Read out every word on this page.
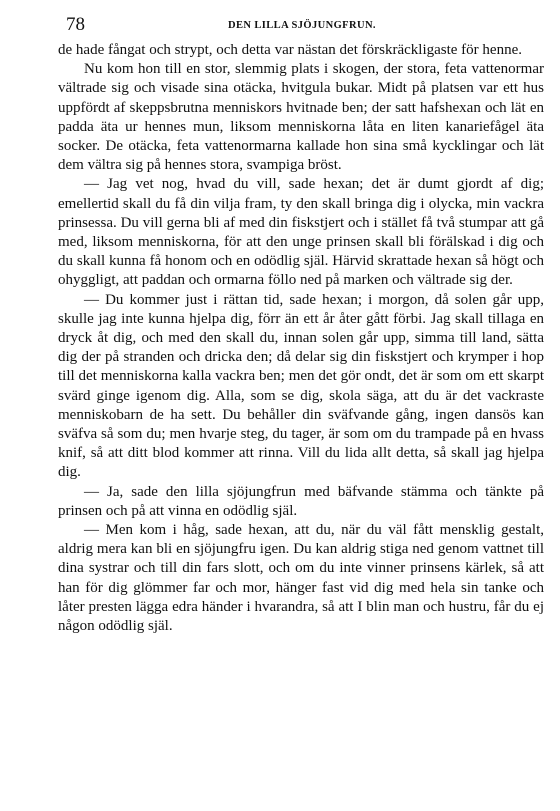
78	DEN LILLA SJÖJUNGFRUN.

de hade fångat och strypt, och detta var nästan det förskräckligaste för henne.

Nu kom hon till en stor, slemmig plats i skogen, der stora, feta vattenormar vältrade sig och visade sina otäcka, hvitgula bukar. Midt på platsen var ett hus uppfördt af skeppsbrutna menniskors hvitnade ben; der satt hafshexan och lät en padda äta ur hennes mun, liksom menniskorna låta en liten kanariefågel äta socker. De otäcka, feta vattenormarna kallade hon sina små kycklingar och lät dem vältra sig på hennes stora, svampiga bröst.

— Jag vet nog, hvad du vill, sade hexan; det är dumt gjordt af dig; emellertid skall du få din vilja fram, ty den skall bringa dig i olycka, min vackra prinsessa. Du vill gerna bli af med din fiskstjert och i stället få två stumpar att gå med, liksom menniskorna, för att den unge prinsen skall bli förälskad i dig och du skall kunna få honom och en odödlig själ. Härvid skrattade hexan så högt och ohyggligt, att paddan och ormarna föllo ned på marken och vältrade sig der.

— Du kommer just i rättan tid, sade hexan; i morgon, då solen går upp, skulle jag inte kunna hjelpa dig, förr än ett år åter gått förbi. Jag skall tillaga en dryck åt dig, och med den skall du, innan solen går upp, simma till land, sätta dig der på stranden och dricka den; då delar sig din fiskstjert och krymper i hop till det menniskorna kalla vackra ben; men det gör ondt, det är som om ett skarpt svärd ginge igenom dig. Alla, som se dig, skola säga, att du är det vackraste menniskobarn de ha sett. Du behåller din sväfvande gång, ingen dansös kan sväfva så som du; men hvarje steg, du tager, är som om du trampade på en hvass knif, så att ditt blod kommer att rinna. Vill du lida allt detta, så skall jag hjelpa dig.

— Ja, sade den lilla sjöjungfrun med bäfvande stämma och tänkte på prinsen och på att vinna en odödlig själ.

— Men kom i håg, sade hexan, att du, när du väl fått mensklig gestalt, aldrig mera kan bli en sjöjungfru igen. Du kan aldrig stiga ned genom vattnet till dina systrar och till din fars slott, och om du inte vinner prinsens kärlek, så att han för dig glömmer far och mor, hänger fast vid dig med hela sin tanke och låter presten lägga edra händer i hvarandra, så att I blin man och hustru, får du ej någon odödlig själ.
